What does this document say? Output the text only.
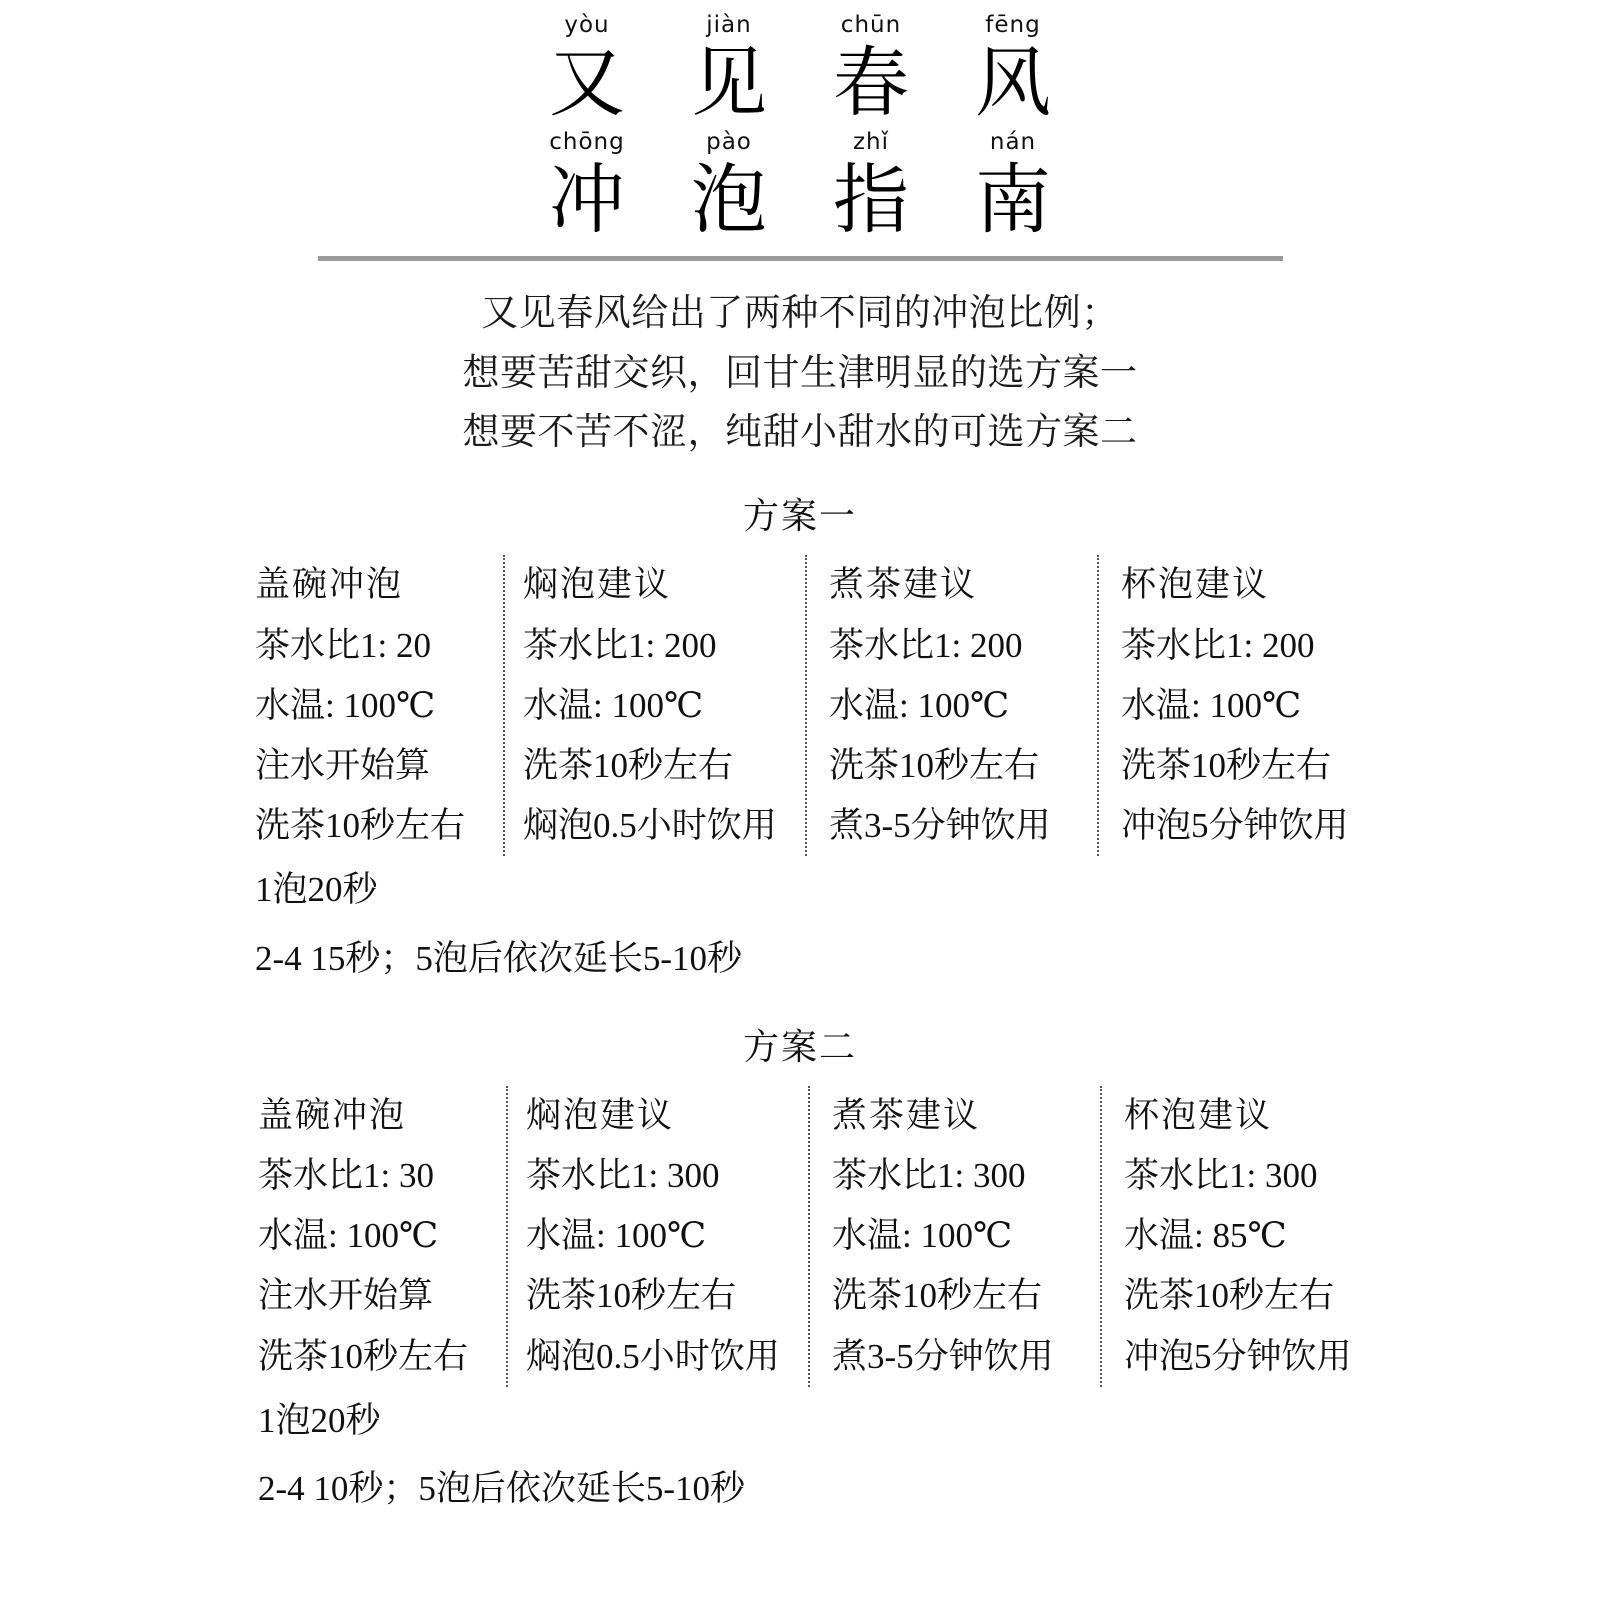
yòu
又
jiàn
见
chūn
春
fēng
风
chōng
冲
pào
泡
zhǐ
指
nán
南
又见春风给出了两种不同的冲泡比例；
想要苦甜交织，回甘生津明显的选方案一
想要不苦不涩，纯甜小甜水的可选方案二
方案一
盖碗冲泡
茶水比1: 20
水温: 100℃
注水开始算
洗茶10秒左右
焖泡建议
茶水比1: 200
水温: 100℃
洗茶10秒左右
焖泡0.5小时饮用
煮茶建议
茶水比1: 200
水温: 100℃
洗茶10秒左右
煮3-5分钟饮用
杯泡建议
茶水比1: 200
水温: 100℃
洗茶10秒左右
冲泡5分钟饮用
1泡20秒
2-4 15秒；5泡后依次延长5-10秒
方案二
盖碗冲泡
茶水比1: 30
水温: 100℃
注水开始算
洗茶10秒左右
焖泡建议
茶水比1: 300
水温: 100℃
洗茶10秒左右
焖泡0.5小时饮用
煮茶建议
茶水比1: 300
水温: 100℃
洗茶10秒左右
煮3-5分钟饮用
杯泡建议
茶水比1: 300
水温: 85℃
洗茶10秒左右
冲泡5分钟饮用
1泡20秒
2-4 10秒；5泡后依次延长5-10秒
